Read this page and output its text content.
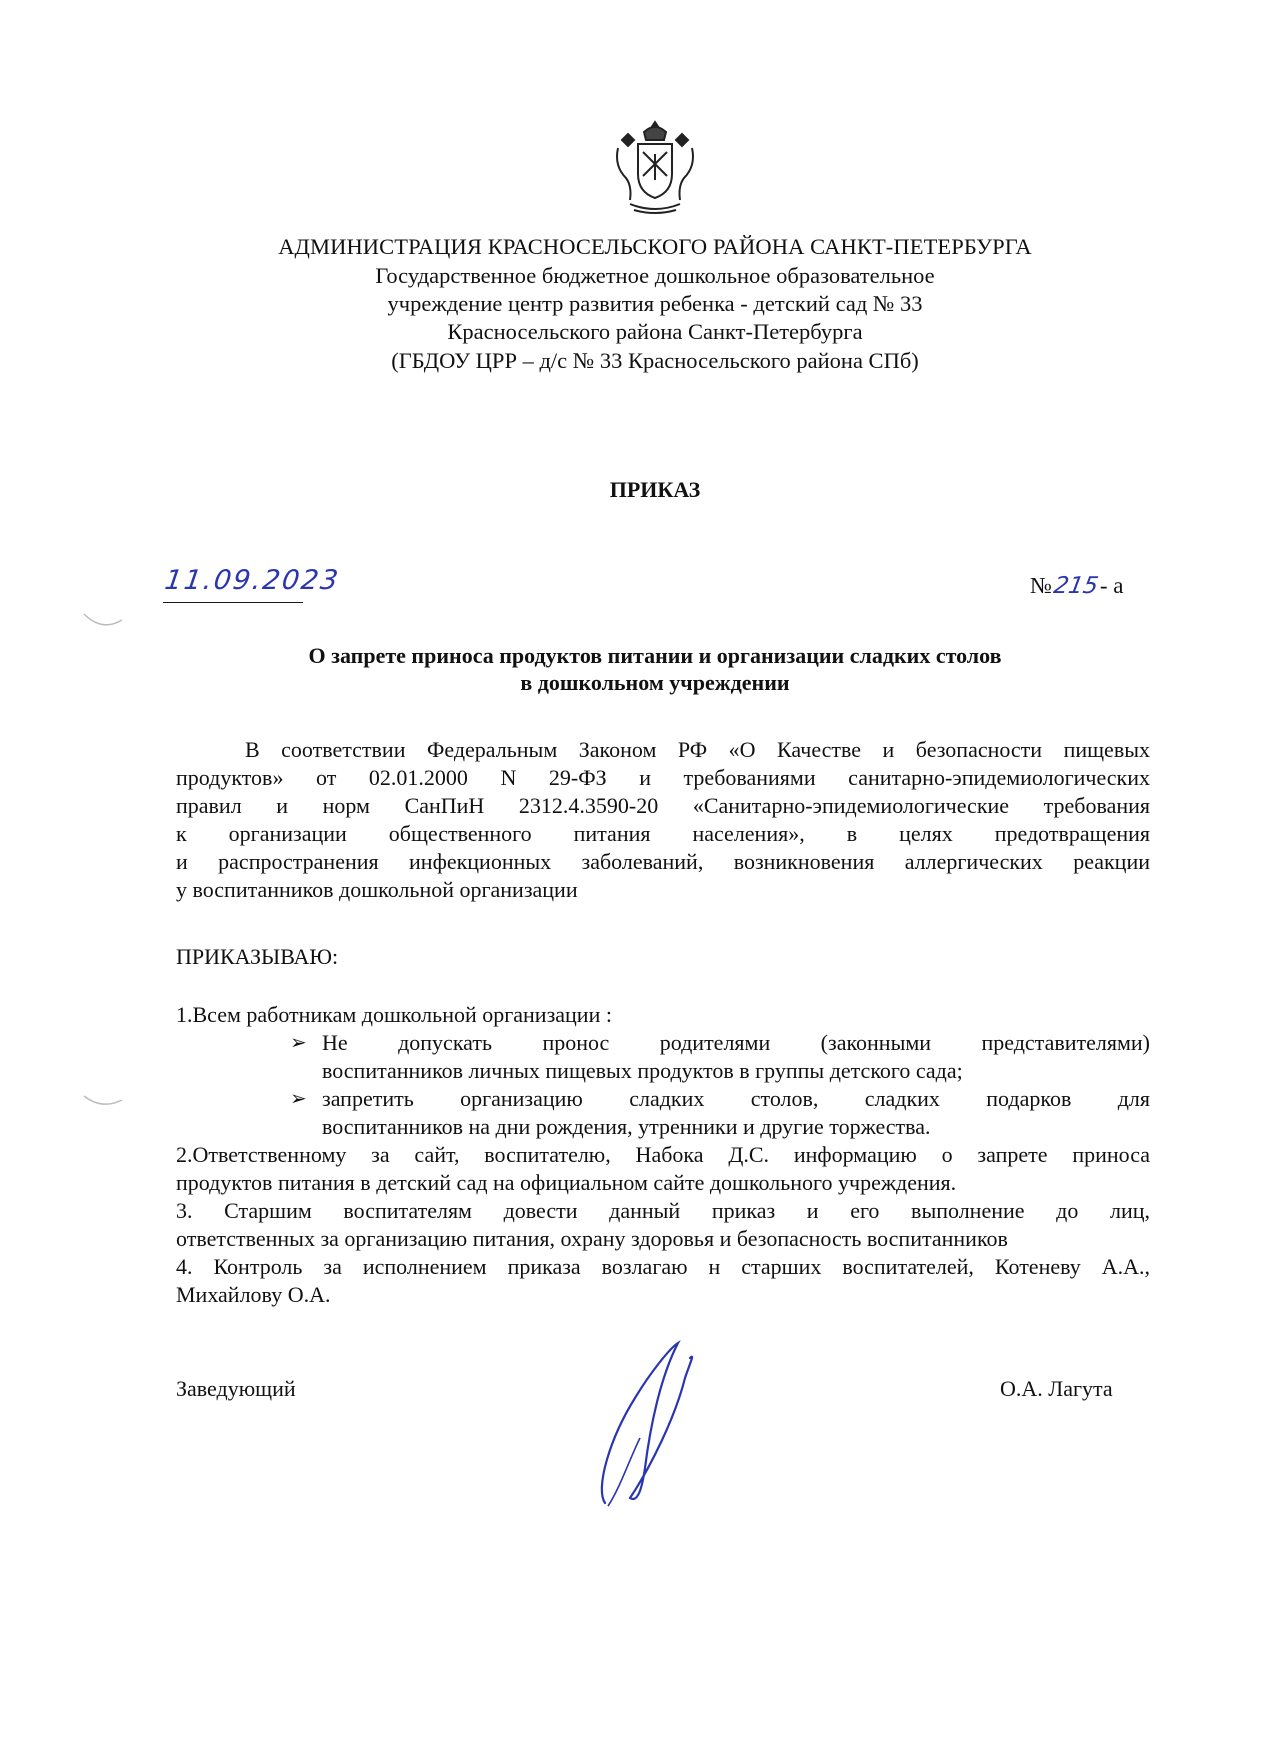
АДМИНИСТРАЦИЯ КРАСНОСЕЛЬСКОГО РАЙОНА САНКТ-ПЕТЕРБУРГА
Государственное бюджетное дошкольное образовательное
учреждение центр развития ребенка - детский сад № 33
Красносельского района Санкт-Петербурга
(ГБДОУ ЦРР – д/с № 33 Красносельского района СПб)
ПРИКАЗ
11.09.2023	№215- а
О запрете приноса продуктов питании и организации сладких столов
в дошкольном учреждении
В соответствии Федеральным Законом РФ «О Качестве и безопасности пищевых
продуктов» от 02.01.2000 N 29-ФЗ и требованиями санитарно-эпидемиологических
правил и норм СанПиН 2312.4.3590-20 «Санитарно-эпидемиологические требования
к организации общественного питания населения», в целях предотвращения
и распространения инфекционных заболеваний, возникновения аллергических реакции
у воспитанников дошкольной организации
ПРИКАЗЫВАЮ:
1.Всем работникам дошкольной организации :
➢ Не допускать пронос родителями (законными представителями)
воспитанников личных пищевых продуктов в группы детского сада;
➢ запретить организацию сладких столов, сладких подарков для
воспитанников на дни рождения, утренники и другие торжества.
2.Ответственному за сайт, воспитателю, Набока Д.С. информацию о запрете приноса
продуктов питания в детский сад на официальном сайте дошкольного учреждения.
3. Старшим воспитателям довести данный приказ и его выполнение до лиц,
ответственных за организацию питания, охрану здоровья и безопасность воспитанников
4. Контроль за исполнением приказа возлагаю н старших воспитателей, Котеневу А.А.,
Михайлову О.А.
Заведующий	О.А. Лагута
